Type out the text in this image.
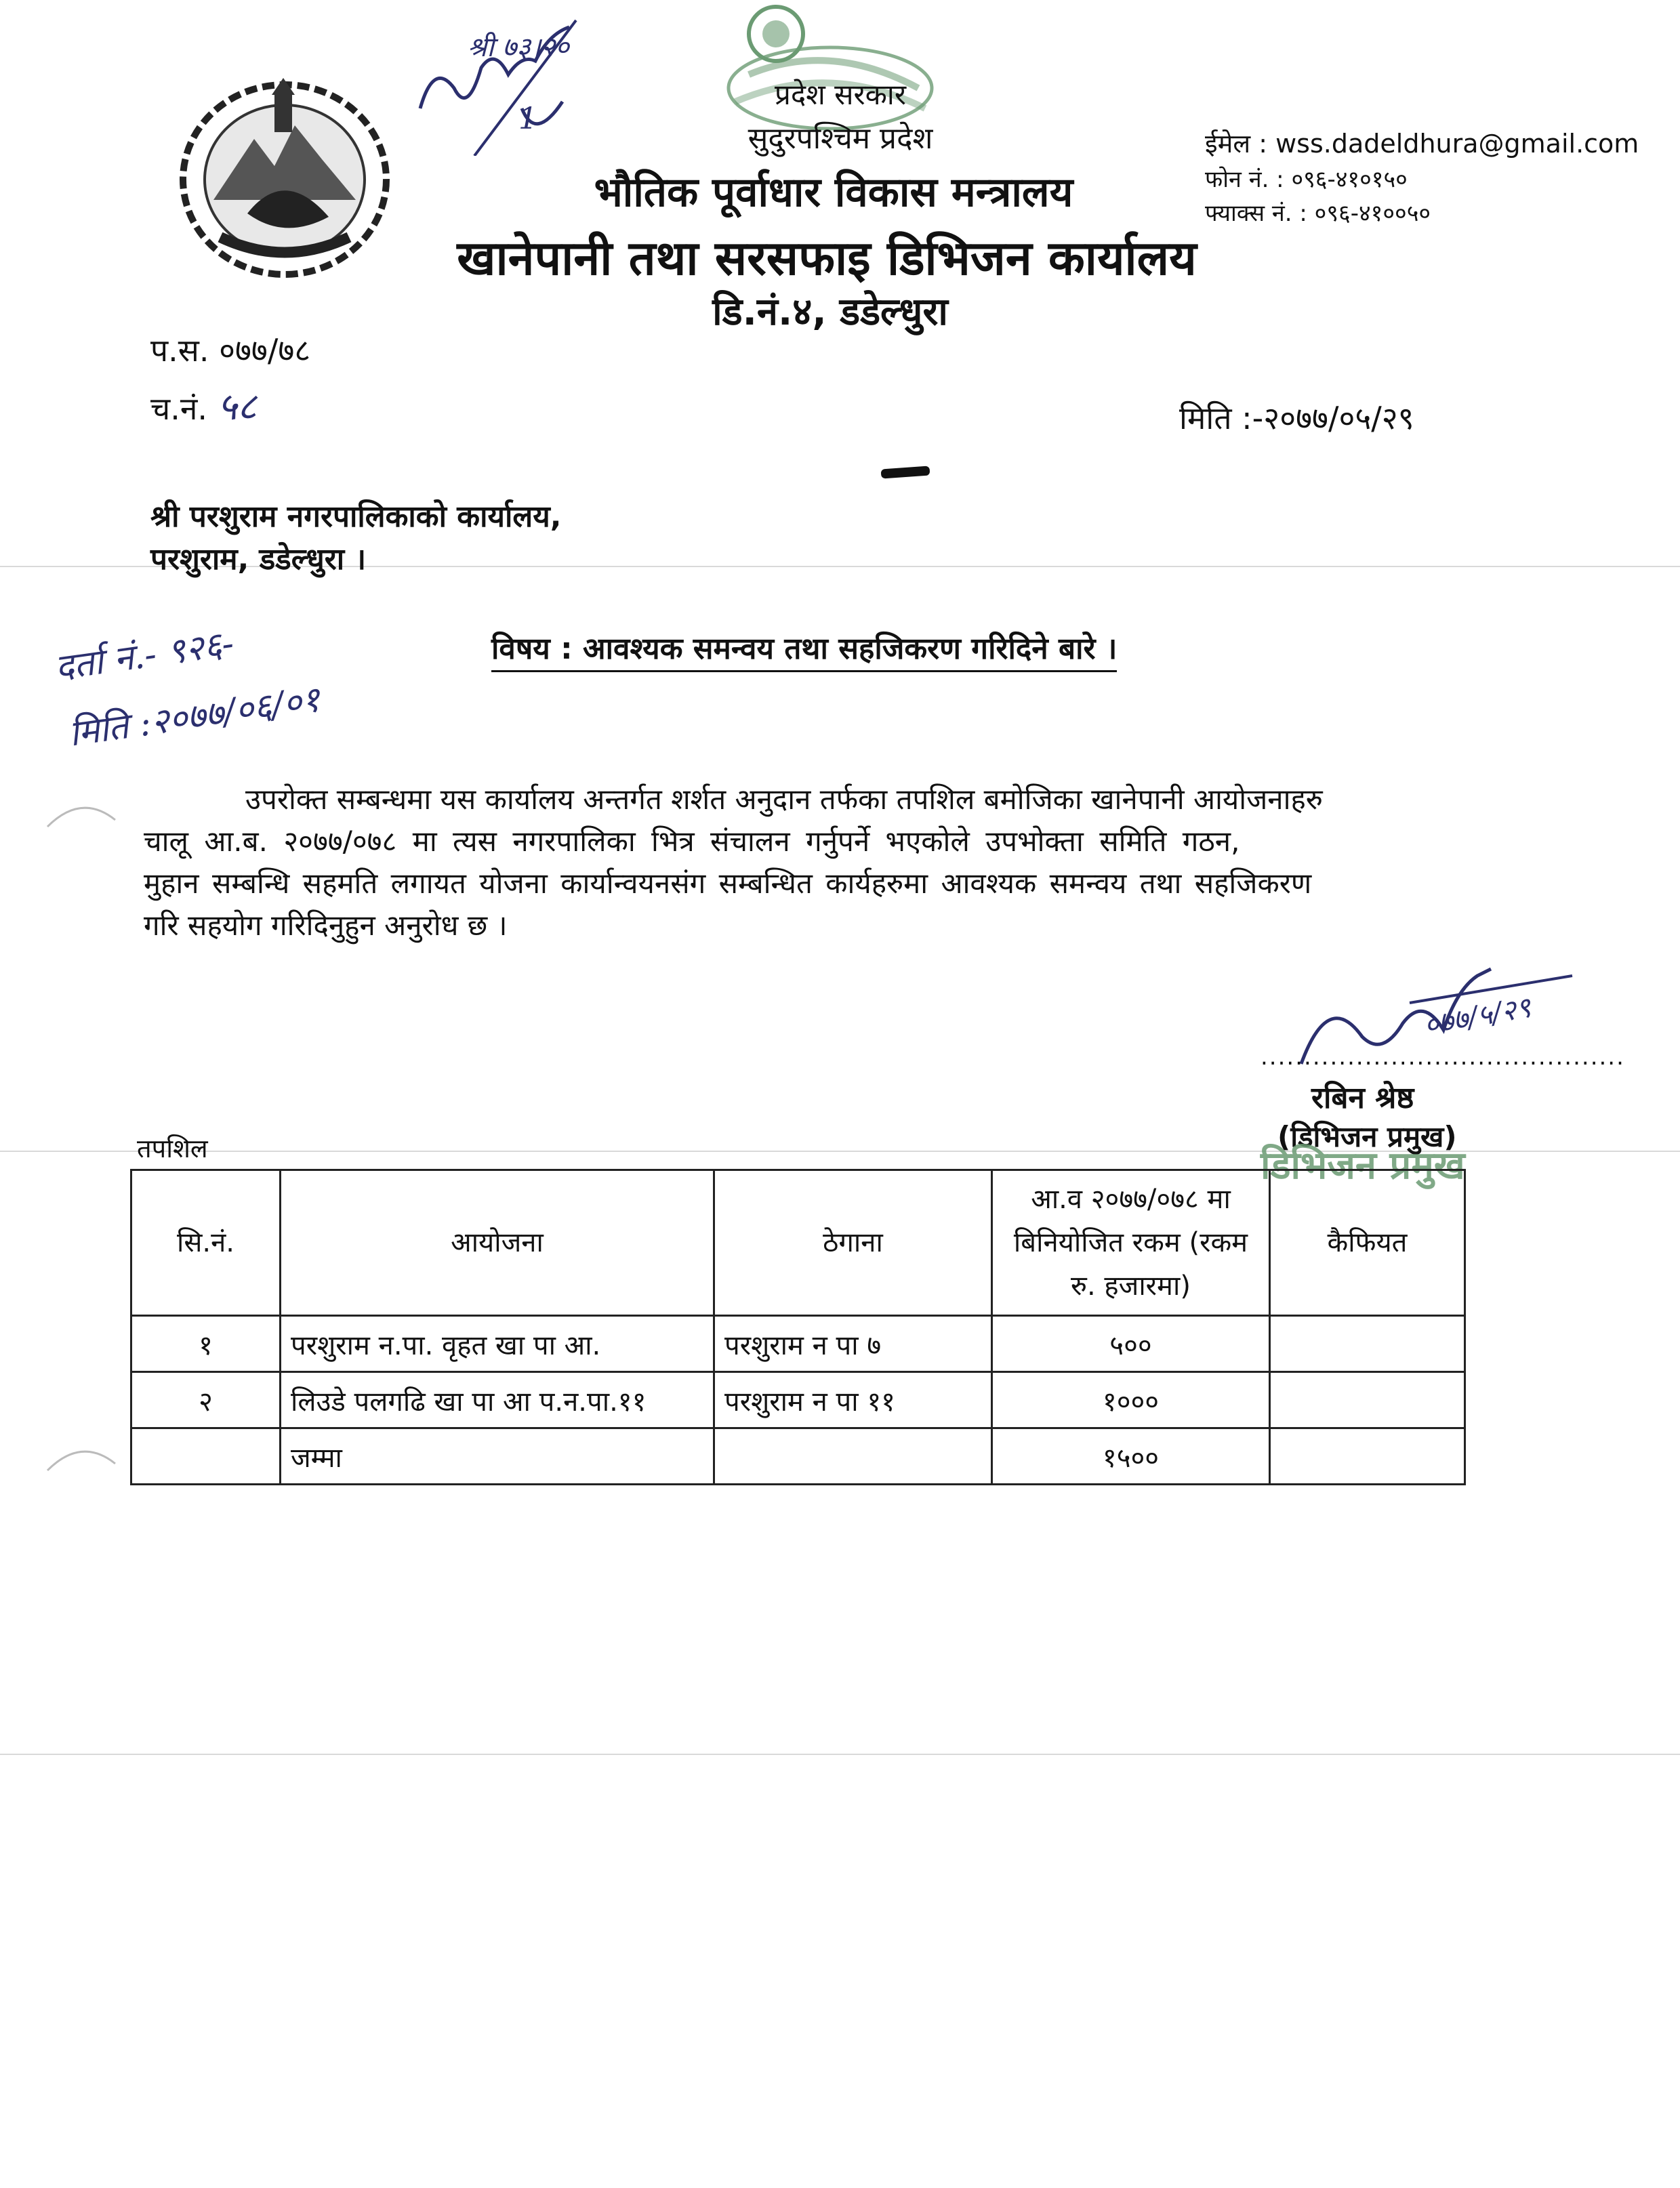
श्री ७३।२०
1
प्रदेश सरकार
सुदुरपश्चिम प्रदेश
भौतिक पूर्वाधार विकास मन्त्रालय
खानेपानी तथा सरसफाइ डिभिजन कार्यालय
डि.नं.४, डडेल्धुरा
ईमेल : wss.dadeldhura@gmail.com
फोन नं. : ०९६-४१०१५०
फ्याक्स नं. : ०९६-४१००५०
प.स. ०७७/७८
च.नं. ५८	मिति :-२०७७/०५/२९
श्री परशुराम नगरपालिकाको कार्यालय,
परशुराम, डडेल्धुरा ।
दर्ता नं.- ९२६-
मिति :२०७७/०६/०१
विषय : आवश्यक समन्वय तथा सहजिकरण गरिदिने बारे ।
उपरोक्त सम्बन्धमा यस कार्यालय अन्तर्गत शर्शत अनुदान तर्फका तपशिल बमोजिका खानेपानी आयोजनाहरु
चालू आ.ब. २०७७/०७८ मा त्यस नगरपालिका भित्र संचालन गर्नुपर्ने भएकोले उपभोक्ता समिति गठन,
मुहान सम्बन्धि सहमति लगायत योजना कार्यान्वयनसंग सम्बन्धित कार्यहरुमा आवश्यक समन्वय तथा सहजिकरण
गरि सहयोग गरिदिनुहुन अनुरोध छ ।
०७७/५/२९
..........................................
रबिन श्रेष्ठ
(डिभिजन प्रमुख)
डिभिजन प्रमुख
तपशिल
सि.नं.	आयोजना	ठेगाना	आ.व २०७७/०७८ मा बिनियोजित रकम (रकम रु. हजारमा)	कैफियत
१	परशुराम न.पा. वृहत खा पा आ.	परशुराम न पा ७	५००	
२	लिउडे पलगढि खा पा आ प.न.पा.११	परशुराम न पा ११	१०००	
	जम्मा		१५००	
